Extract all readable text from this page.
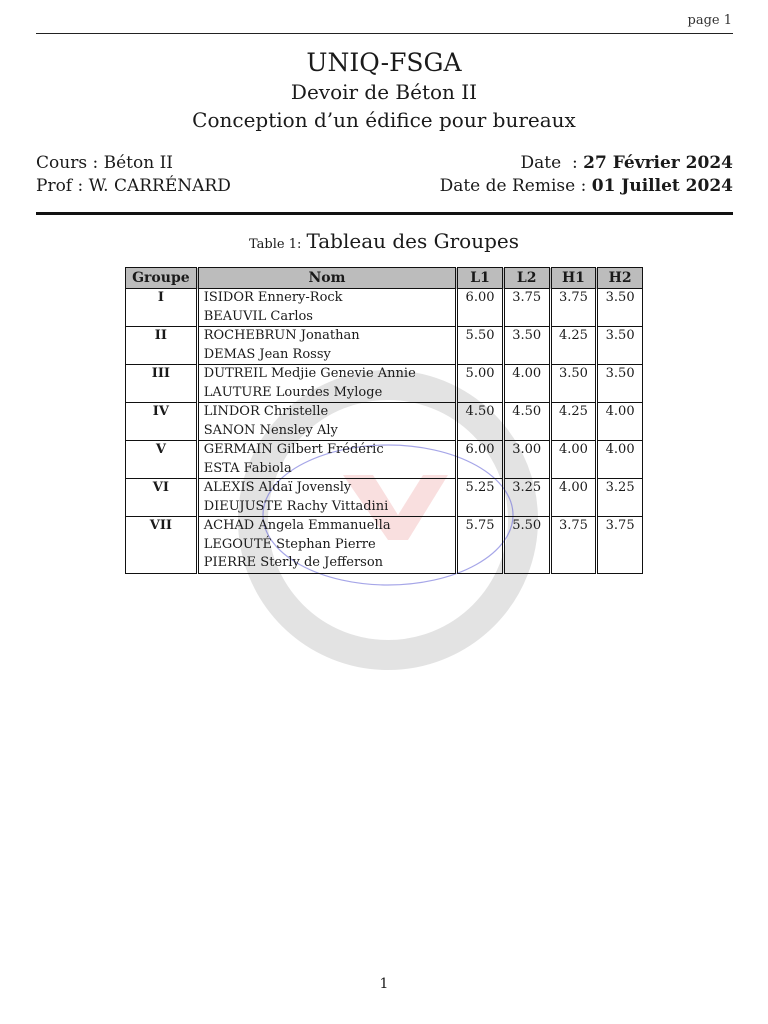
page 1
UNIQ-FSGA
Devoir de Béton II
Conception d’un édifice pour bureaux
Cours : Béton II	Date  : 27 Février 2024
Prof : W. CARRÉNARD	Date de Remise : 01 Juillet 2024
Table 1: Tableau des Groupes
Groupe	Nom	L1	L2	H1	H2
I	ISIDOR Ennery-Rock	6.00	3.75	3.75	3.50
	BEAUVIL Carlos				
II	ROCHEBRUN Jonathan	5.50	3.50	4.25	3.50
	DEMAS Jean Rossy				
III	DUTREIL Medjie Genevie Annie	5.00	4.00	3.50	3.50
	LAUTURE Lourdes Myloge				
IV	LINDOR Christelle	4.50	4.50	4.25	4.00
	SANON Nensley Aly				
V	GERMAIN Gilbert Frédéric	6.00	3.00	4.00	4.00
	ESTA Fabiola				
VI	ALEXIS Aldaï Jovensly	5.25	3.25	4.00	3.25
	DIEUJUSTE Rachy Vittadini				
VII	ACHAD Angela Emmanuella	5.75	5.50	3.75	3.75
	LEGOUTÉ Stephan Pierre				
	PIERRE Sterly de Jefferson				
1
